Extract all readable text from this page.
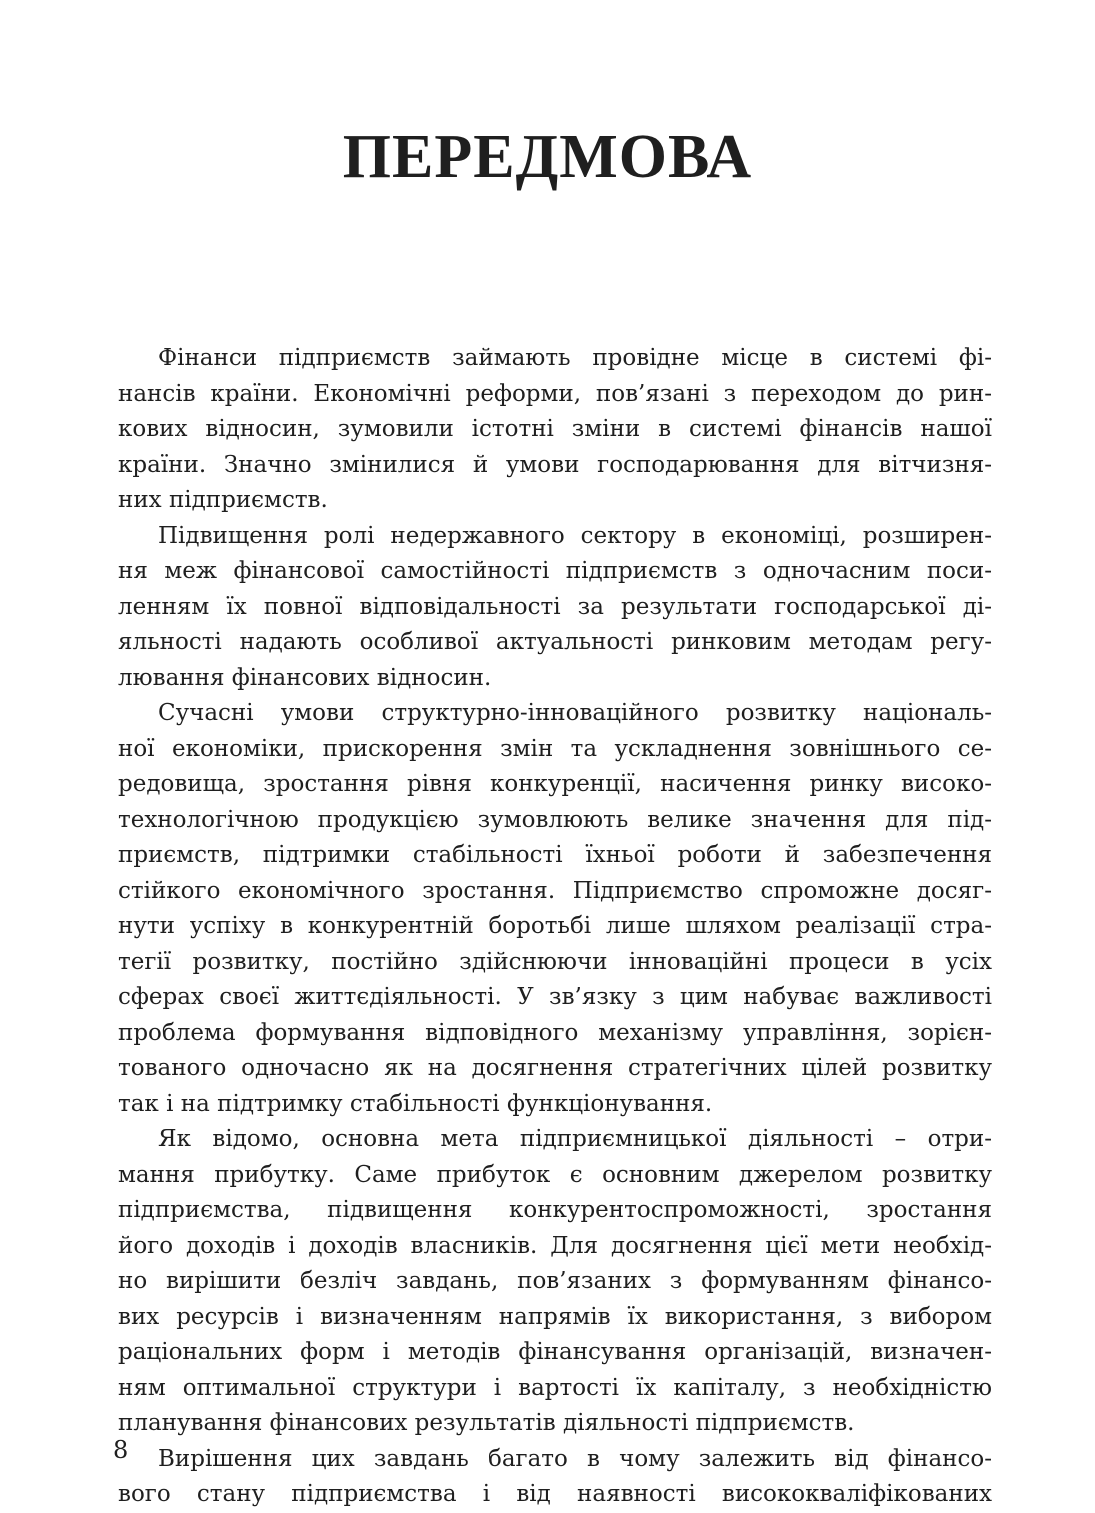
ПЕРЕДМОВА

Фінанси підприємств займають провідне місце в системі фі-
нансів країни. Економічні реформи, пов’язані з переходом до рин-
кових відносин, зумовили істотні зміни в системі фінансів нашої
країни. Значно змінилися й умови господарювання для вітчизня-
них підприємств.

Підвищення ролі недержавного сектору в економіці, розширен-
ня меж фінансової самостійності підприємств з одночасним поси-
ленням їх повної відповідальності за результати господарської ді-
яльності надають особливої актуальності ринковим методам регу-
лювання фінансових відносин.

Сучасні умови структурно-інноваційного розвитку національ-
ної економіки, прискорення змін та ускладнення зовнішнього се-
редовища, зростання рівня конкуренції, насичення ринку високо-
технологічною продукцією зумовлюють велике значення для під-
приємств, підтримки стабільності їхньої роботи й забезпечення
стійкого економічного зростання. Підприємство спроможне досяг-
нути успіху в конкурентній боротьбі лише шляхом реалізації стра-
тегії розвитку, постійно здійснюючи інноваційні процеси в усіх
сферах своєї життєдіяльності. У зв’язку з цим набуває важливості
проблема формування відповідного механізму управління, зорієн-
тованого одночасно як на досягнення стратегічних цілей розвитку
так і на підтримку стабільності функціонування.

Як відомо, основна мета підприємницької діяльності – отри-
мання прибутку. Саме прибуток є основним джерелом розвитку
підприємства, підвищення конкурентоспроможності, зростання
його доходів і доходів власників. Для досягнення цієї мети необхід-
но вирішити безліч завдань, пов’язаних з формуванням фінансо-
вих ресурсів і визначенням напрямів їх використання, з вибором
раціональних форм і методів фінансування організацій, визначен-
ням оптимальної структури і вартості їх капіталу, з необхідністю
планування фінансових результатів діяльності підприємств.

Вирішення цих завдань багато в чому залежить від фінансо-
вого стану підприємства і від наявності висококваліфікованих

8
